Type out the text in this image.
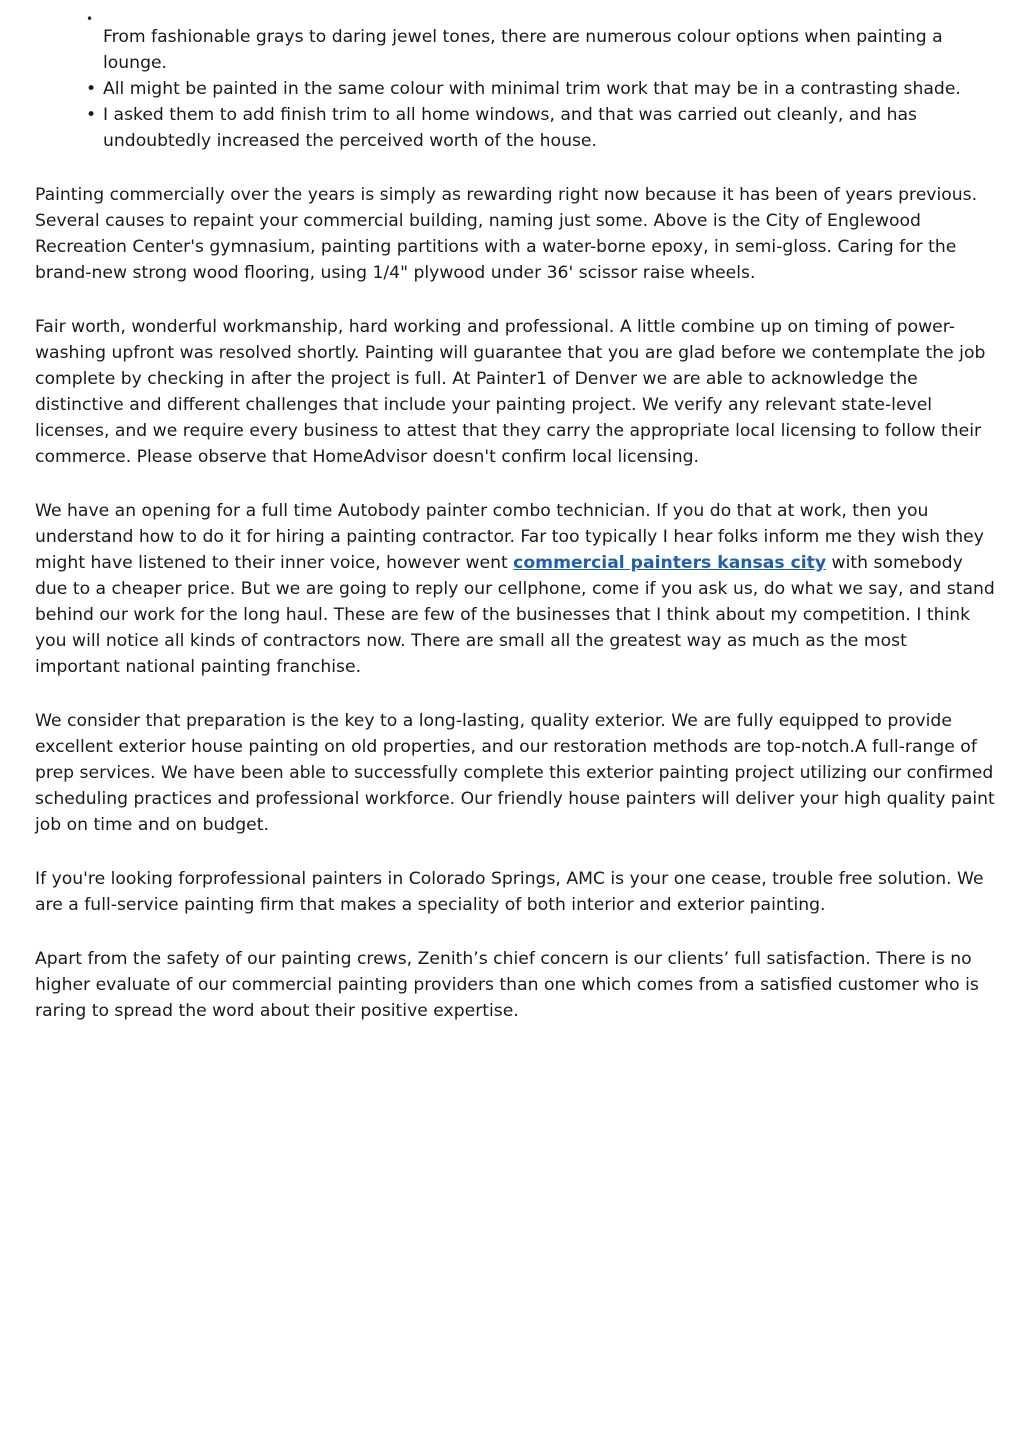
•
From fashionable grays to daring jewel tones, there are numerous colour options when painting a lounge.
• All might be painted in the same colour with minimal trim work that may be in a contrasting shade.
• I asked them to add finish trim to all home windows, and that was carried out cleanly, and has undoubtedly increased the perceived worth of the house.

Painting commercially over the years is simply as rewarding right now because it has been of years previous. Several causes to repaint your commercial building, naming just some. Above is the City of Englewood Recreation Center's gymnasium, painting partitions with a water-borne epoxy, in semi-gloss. Caring for the brand-new strong wood flooring, using 1/4" plywood under 36' scissor raise wheels.

Fair worth, wonderful workmanship, hard working and professional. A little combine up on timing of power-washing upfront was resolved shortly. Painting will guarantee that you are glad before we contemplate the job complete by checking in after the project is full. At Painter1 of Denver we are able to acknowledge the distinctive and different challenges that include your painting project. We verify any relevant state-level licenses, and we require every business to attest that they carry the appropriate local licensing to follow their commerce. Please observe that HomeAdvisor doesn't confirm local licensing.

We have an opening for a full time Autobody painter combo technician. If you do that at work, then you understand how to do it for hiring a painting contractor. Far too typically I hear folks inform me they wish they might have listened to their inner voice, however went commercial painters kansas city with somebody due to a cheaper price. But we are going to reply our cellphone, come if you ask us, do what we say, and stand behind our work for the long haul. These are few of the businesses that I think about my competition. I think you will notice all kinds of contractors now. There are small all the greatest way as much as the most important national painting franchise.

We consider that preparation is the key to a long-lasting, quality exterior. We are fully equipped to provide excellent exterior house painting on old properties, and our restoration methods are top-notch.A full-range of prep services. We have been able to successfully complete this exterior painting project utilizing our confirmed scheduling practices and professional workforce. Our friendly house painters will deliver your high quality paint job on time and on budget.

If you're looking forprofessional painters in Colorado Springs, AMC is your one cease, trouble free solution. We are a full-service painting firm that makes a speciality of both interior and exterior painting.

Apart from the safety of our painting crews, Zenith’s chief concern is our clients’ full satisfaction. There is no higher evaluate of our commercial painting providers than one which comes from a satisfied customer who is raring to spread the word about their positive expertise.
